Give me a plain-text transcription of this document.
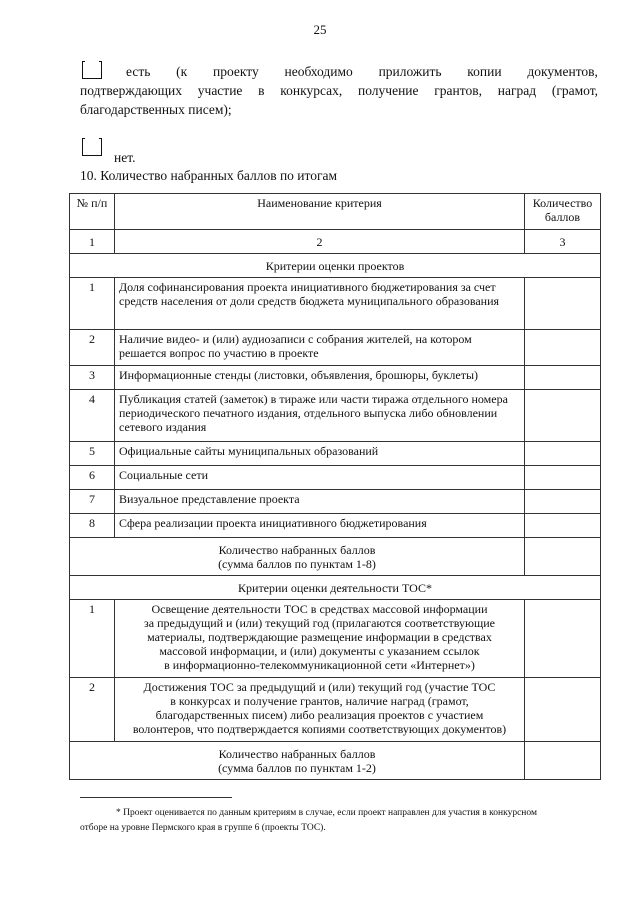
25
есть (к проекту необходимо приложить копии документов,
подтверждающих участие в конкурсах, получение грантов, наград (грамот,
благодарственных писем);
нет.
10. Количество набранных баллов по итогам
№ п/п	Наименование критерия	Количество баллов
1	2	3
Критерии оценки проектов		
1	Доля софинансирования проекта инициативного бюджетирования за счет средств населения от доли средств бюджета муниципального образования	
2	Наличие видео- и (или) аудиозаписи с собрания жителей, на котором решается вопрос по участию в проекте	
3	Информационные стенды (листовки, объявления, брошюры, буклеты)	
4	Публикация статей (заметок) в тираже или части тиража отдельного номера периодического печатного издания, отдельного выпуска либо обновлении сетевого издания	
5	Официальные сайты муниципальных образований	
6	Социальные сети	
7	Визуальное представление проекта	
8	Сфера реализации проекта инициативного бюджетирования	

Количество набранных баллов
(сумма баллов по пунктам 1-8)		

Критерии оценки деятельности ТОС*		
1	Освещение деятельности ТОС в средствах массовой информации
за предыдущий и (или) текущий год (прилагаются соответствующие
материалы, подтверждающие размещение информации в средствах
массовой информации, и (или) документы с указанием ссылок
в информационно-телекоммуникационной сети «Интернет»)	

2	Достижения ТОС за предыдущий и (или) текущий год (участие ТОС
в конкурсах и получение грантов, наличие наград (грамот,
благодарственных писем) либо реализация проектов с участием
волонтеров, что подтверждается копиями соответствующих документов)	

Количество набранных баллов
(сумма баллов по пунктам 1-2)		

* Проект оценивается по данным критериям в случае, если проект направлен для участия в конкурсном
отборе на уровне Пермского края в группе 6 (проекты ТОС).
